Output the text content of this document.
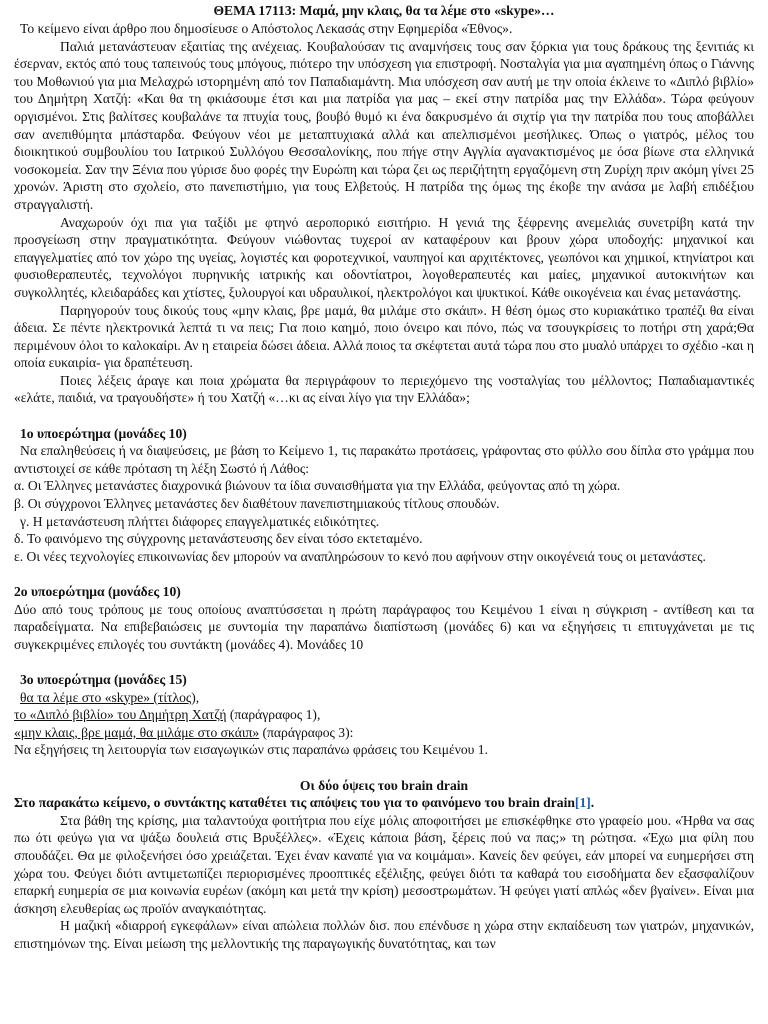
ΘΕΜΑ 17113: Μαμά, μην κλαις, θα τα λέμε στο «skype»…

Το κείμενο είναι άρθρο που δημοσίευσε ο Απόστολος Λεκασάς στην Εφημερίδα «Έθνος».

Παλιά μετανάστευαν εξαιτίας της ανέχειας. Κουβαλούσαν τις αναμνήσεις τους σαν ξόρκια για τους δράκους της ξενιτιάς κι έσερναν, εκτός από τους ταπεινούς τους μπόγους, πιότερο την υπόσχεση για επιστροφή. Νοσταλγία για μια αγαπημένη όπως ο Γιάννης του Μοθωνιού για μια Μελαχρώ ιστορημένη από τον Παπαδιαμάντη. Μια υπόσχεση σαν αυτή με την οποία έκλεινε το «Διπλό βιβλίο» του Δημήτρη Χατζή: «Και θα τη φκιάσουμε έτσι και μια πατρίδα για μας – εκεί στην πατρίδα μας την Ελλάδα». Τώρα φεύγουν οργισμένοι. Στις βαλίτσες κουβαλάνε τα πτυχία τους, βουβό θυμό κι ένα δακρυσμένο άι σιχτίρ για την πατρίδα που τους αποβάλλει σαν ανεπιθύμητα μπάσταρδα. Φεύγουν νέοι με μεταπτυχιακά αλλά και απελπισμένοι μεσήλικες. Όπως ο γιατρός, μέλος του διοικητικού συμβουλίου του Ιατρικού Συλλόγου Θεσσαλονίκης, που πήγε στην Αγγλία αγανακτισμένος με όσα βίωνε στα ελληνικά νοσοκομεία. Σαν την Ξένια που γύρισε δυο φορές την Ευρώπη και τώρα ζει ως περιζήτητη εργαζόμενη στη Ζυρίχη πριν ακόμη γίνει 25 χρονών. Άριστη στο σχολείο, στο πανεπιστήμιο, για τους Ελβετούς. Η πατρίδα της όμως της έκοβε την ανάσα με λαβή επιδέξιου στραγγαλιστή.

Αναχωρούν όχι πια για ταξίδι με φτηνό αεροπορικό εισιτήριο. Η γενιά της ξέφρενης ανεμελιάς συνετρίβη κατά την προσγείωση στην πραγματικότητα. Φεύγουν νιώθοντας τυχεροί αν καταφέρουν και βρουν χώρα υποδοχής: μηχανικοί και επαγγελματίες από τον χώρο της υγείας, λογιστές και φοροτεχνικοί, ναυπηγοί και αρχιτέκτονες, γεωπόνοι και χημικοί, κτηνίατροι και φυσιοθεραπευτές, τεχνολόγοι πυρηνικής ιατρικής και οδοντίατροι, λογοθεραπευτές και μαίες, μηχανικοί αυτοκινήτων και συγκολλητές, κλειδαράδες και χτίστες, ξυλουργοί και υδραυλικοί, ηλεκτρολόγοι και ψυκτικοί. Κάθε οικογένεια και ένας μετανάστης.

Παρηγορούν τους δικούς τους «μην κλαις, βρε μαμά, θα μιλάμε στο σκάιπ». Η θέση όμως στο κυριακάτικο τραπέζι θα είναι άδεια. Σε πέντε ηλεκτρονικά λεπτά τι να πεις; Για ποιο καημό, ποιο όνειρο και πόνο, πώς να τσουγκρίσεις το ποτήρι στη χαρά;Θα περιμένουν όλοι το καλοκαίρι. Αν η εταιρεία δώσει άδεια. Αλλά ποιος τα σκέφτεται αυτά τώρα που στο μυαλό υπάρχει το σχέδιο -και η οποία ευκαιρία- για δραπέτευση.

Ποιες λέξεις άραγε και ποια χρώματα θα περιγράφουν το περιεχόμενο της νοσταλγίας του μέλλοντος; Παπαδιαμαντικές «ελάτε, παιδιά, να τραγουδήστε» ή του Χατζή «…κι ας είναι λίγο για την Ελλάδα»;

1ο υποερώτημα (μονάδες 10)

Να επαληθεύσεις ή να διαψεύσεις, με βάση το Κείμενο 1, τις παρακάτω προτάσεις, γράφοντας στο φύλλο σου δίπλα στο γράμμα που αντιστοιχεί σε κάθε πρόταση τη λέξη Σωστό ή Λάθος:

α. Οι Έλληνες μετανάστες διαχρονικά βιώνουν τα ίδια συναισθήματα για την Ελλάδα, φεύγοντας από τη χώρα.

β. Οι σύγχρονοι Έλληνες μετανάστες δεν διαθέτουν πανεπιστημιακούς τίτλους σπουδών.

γ. Η μετανάστευση πλήττει διάφορες επαγγελματικές ειδικότητες.

δ. Το φαινόμενο της σύγχρονης μετανάστευσης δεν είναι τόσο εκτεταμένο.

ε. Οι νέες τεχνολογίες επικοινωνίας δεν μπορούν να αναπληρώσουν το κενό που αφήνουν στην οικογένειά τους οι μετανάστες.

2ο υποερώτημα (μονάδες 10)

Δύο από τους τρόπους με τους οποίους αναπτύσσεται η πρώτη παράγραφος του Κειμένου 1 είναι η σύγκριση - αντίθεση και τα παραδείγματα. Να επιβεβαιώσεις με συντομία την παραπάνω διαπίστωση (μονάδες 6) και να εξηγήσεις τι επιτυγχάνεται με τις συγκεκριμένες επιλογές του συντάκτη (μονάδες 4). Μονάδες 10

3ο υποερώτημα (μονάδες 15)

θα τα λέμε στο «skype» (τίτλος),

το «Διπλό βιβλίο» του Δημήτρη Χατζή (παράγραφος 1),

«μην κλαις, βρε μαμά, θα μιλάμε στο σκάιπ» (παράγραφος 3):

Να εξηγήσεις τη λειτουργία των εισαγωγικών στις παραπάνω φράσεις του Κειμένου 1.

Οι δύο όψεις του brain drain

Στο παρακάτω κείμενο, ο συντάκτης καταθέτει τις απόψεις του για το φαινόμενο του brain drain[1].

Στα βάθη της κρίσης, μια ταλαντούχα φοιτήτρια που είχε μόλις αποφοιτήσει με επισκέφθηκε στο γραφείο μου. «Ήρθα να σας πω ότι φεύγω για να ψάξω δουλειά στις Βρυξέλλες». «Έχεις κάποια βάση, ξέρεις πού να πας;» τη ρώτησα. «Έχω μια φίλη που σπουδάζει. Θα με φιλοξενήσει όσο χρειάζεται. Έχει έναν καναπέ για να κοιμάμαι». Κανείς δεν φεύγει, εάν μπορεί να ευημερήσει στη χώρα του. Φεύγει διότι αντιμετωπίζει περιορισμένες προοπτικές εξέλιξης, φεύγει διότι τα καθαρά του εισοδήματα δεν εξασφαλίζουν επαρκή ευημερία σε μια κοινωνία ευρέων (ακόμη και μετά την κρίση) μεσοστρωμάτων. Ή φεύγει γιατί απλώς «δεν βγαίνει». Είναι μια άσκηση ελευθερίας ως προϊόν αναγκαιότητας.

Η μαζική «διαρροή εγκεφάλων» είναι απώλεια πολλών δισ. που επένδυσε η χώρα στην εκπαίδευση των γιατρών, μηχανικών, επιστημόνων της. Είναι μείωση της μελλοντικής της παραγωγικής δυνατότητας, και των
